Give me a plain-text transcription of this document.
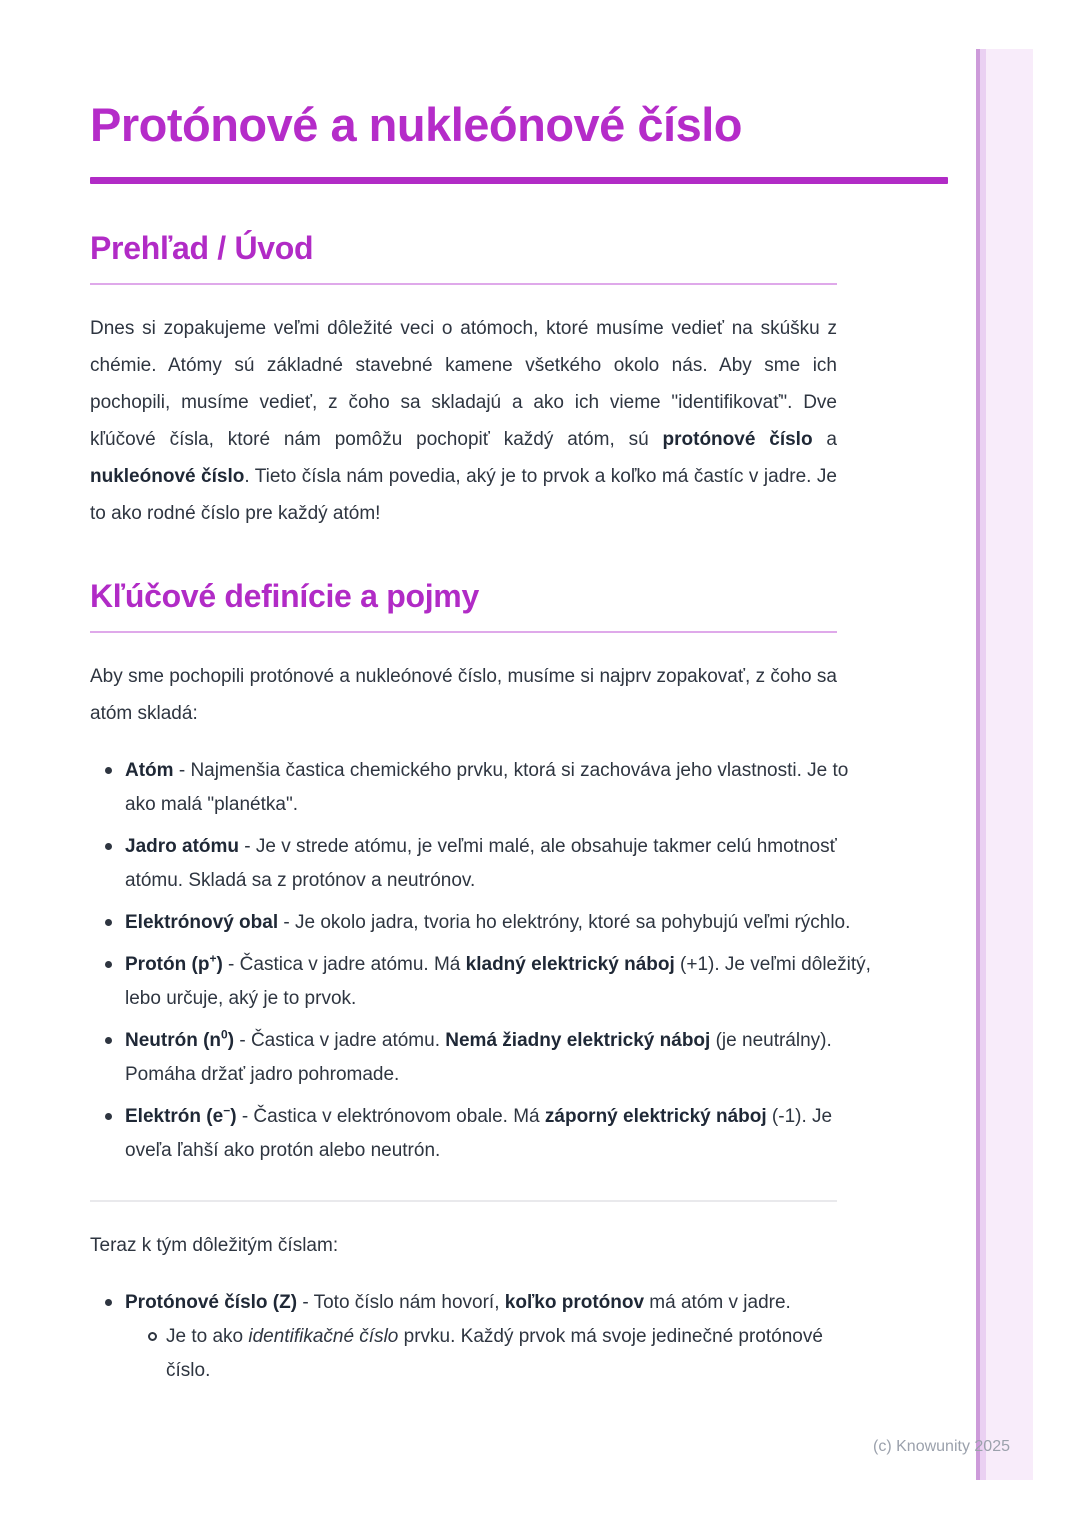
Protónové a nukleónové číslo
Prehľad / Úvod

Dnes si zopakujeme veľmi dôležité veci o atómoch, ktoré musíme vedieť na skúšku z chémie. Atómy sú základné stavebné kamene všetkého okolo nás. Aby sme ich pochopili, musíme vedieť, z čoho sa skladajú a ako ich vieme "identifikovať". Dve kľúčové čísla, ktoré nám pomôžu pochopiť každý atóm, sú protónové číslo a nukleónové číslo. Tieto čísla nám povedia, aký je to prvok a koľko má častíc v jadre. Je to ako rodné číslo pre každý atóm!

Kľúčové definície a pojmy

Aby sme pochopili protónové a nukleónové číslo, musíme si najprv zopakovať, z čoho sa atóm skladá:

Atóm - Najmenšia častica chemického prvku, ktorá si zachováva jeho vlastnosti. Je to ako malá "planétka".
Jadro atómu - Je v strede atómu, je veľmi malé, ale obsahuje takmer celú hmotnosť atómu. Skladá sa z protónov a neutrónov.
Elektrónový obal - Je okolo jadra, tvoria ho elektróny, ktoré sa pohybujú veľmi rýchlo.
Protón (p+) - Častica v jadre atómu. Má kladný elektrický náboj (+1). Je veľmi dôležitý, lebo určuje, aký je to prvok.
Neutrón $(n^0)$ - Častica v jadre atómu. Nemá žiadny elektrický náboj (je neutrálny). Pomáha držať jadro pohromade.
Elektrón (e−) - Častica v elektrónovom obale. Má záporný elektrický náboj (-1). Je oveľa ľahší ako protón alebo neutrón.

Teraz k tým dôležitým číslam:

Protónové číslo (Z) - Toto číslo nám hovorí, koľko protónov má atóm v jadre.
Je to ako identifikačné číslo prvku. Každý prvok má svoje jedinečné protónové číslo.
(c) Knowunity 2025
